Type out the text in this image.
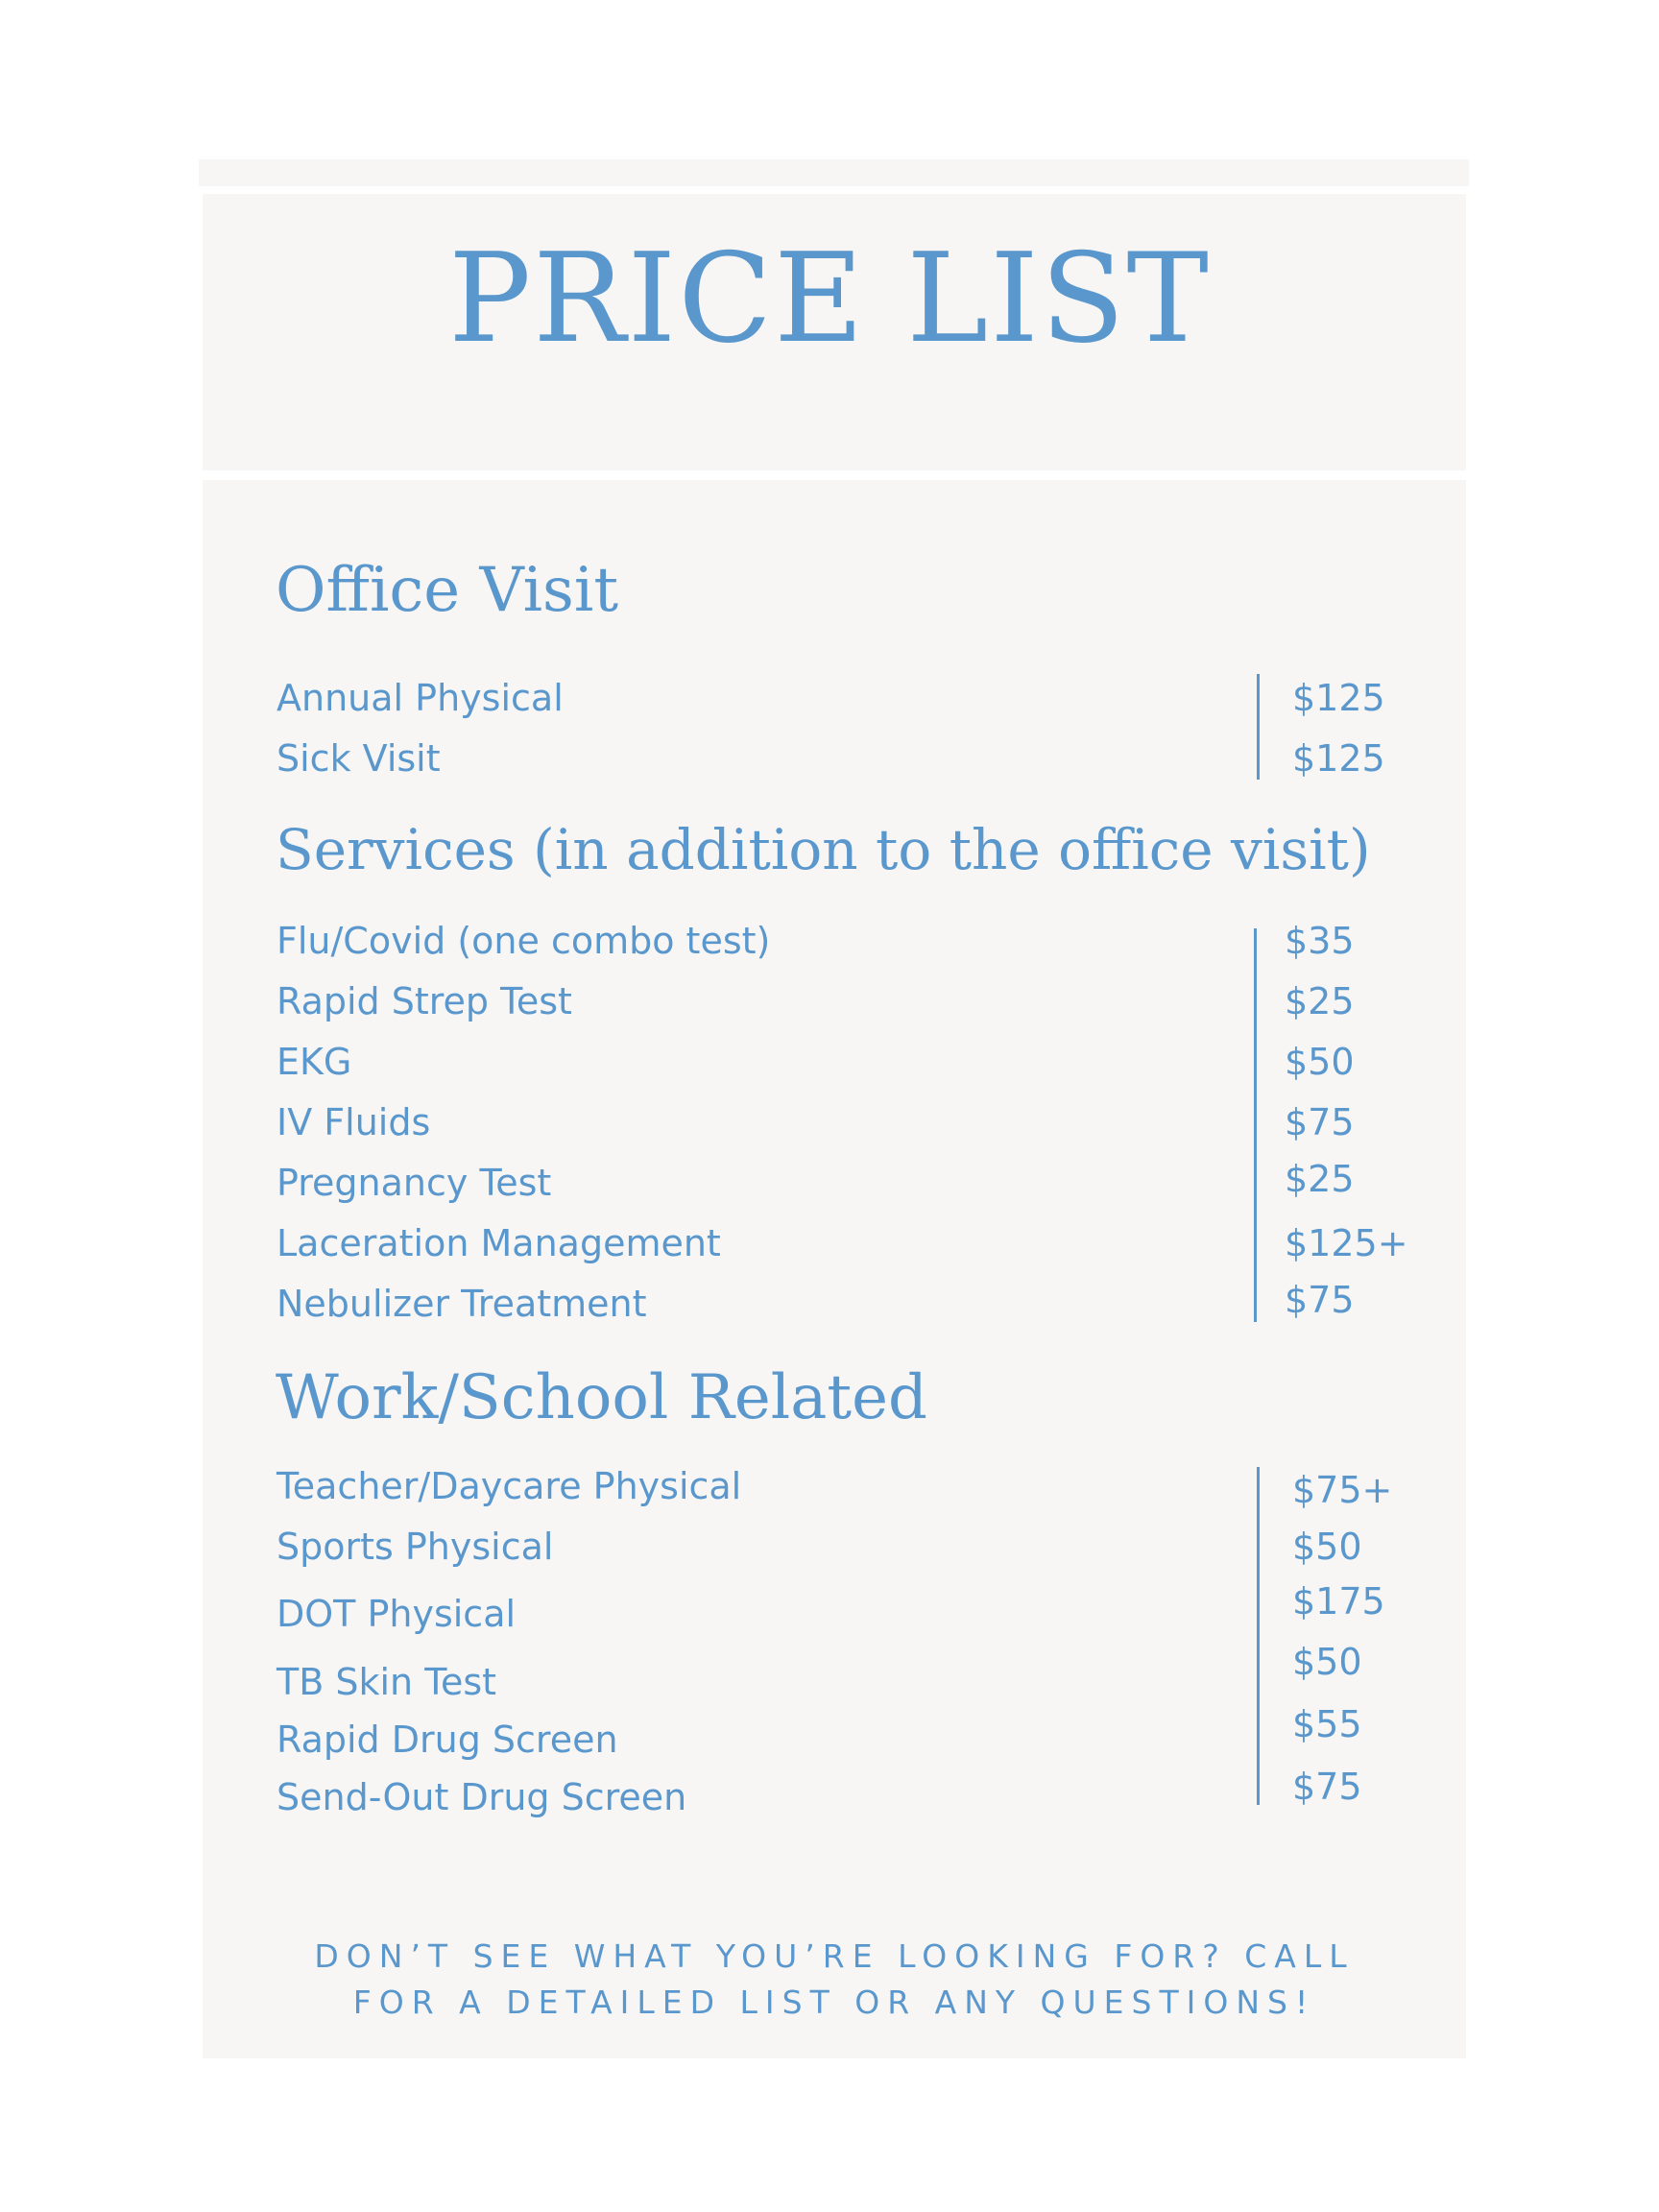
PRICE LIST
Office Visit
Annual Physical	$125
Sick Visit	$125
Services (in addition to the office visit)
Flu/Covid (one combo test)	$35
Rapid Strep Test	$25
EKG	$50
IV Fluids	$75
Pregnancy Test	$25
Laceration Management	$125+
Nebulizer Treatment	$75
Work/School Related
Teacher/Daycare Physical	$75+
Sports Physical	$50
DOT Physical	$175
TB Skin Test	$50
Rapid Drug Screen	$55
Send-Out Drug Screen	$75
DON’T SEE WHAT YOU’RE LOOKING FOR? CALL
FOR A DETAILED LIST OR ANY QUESTIONS!
